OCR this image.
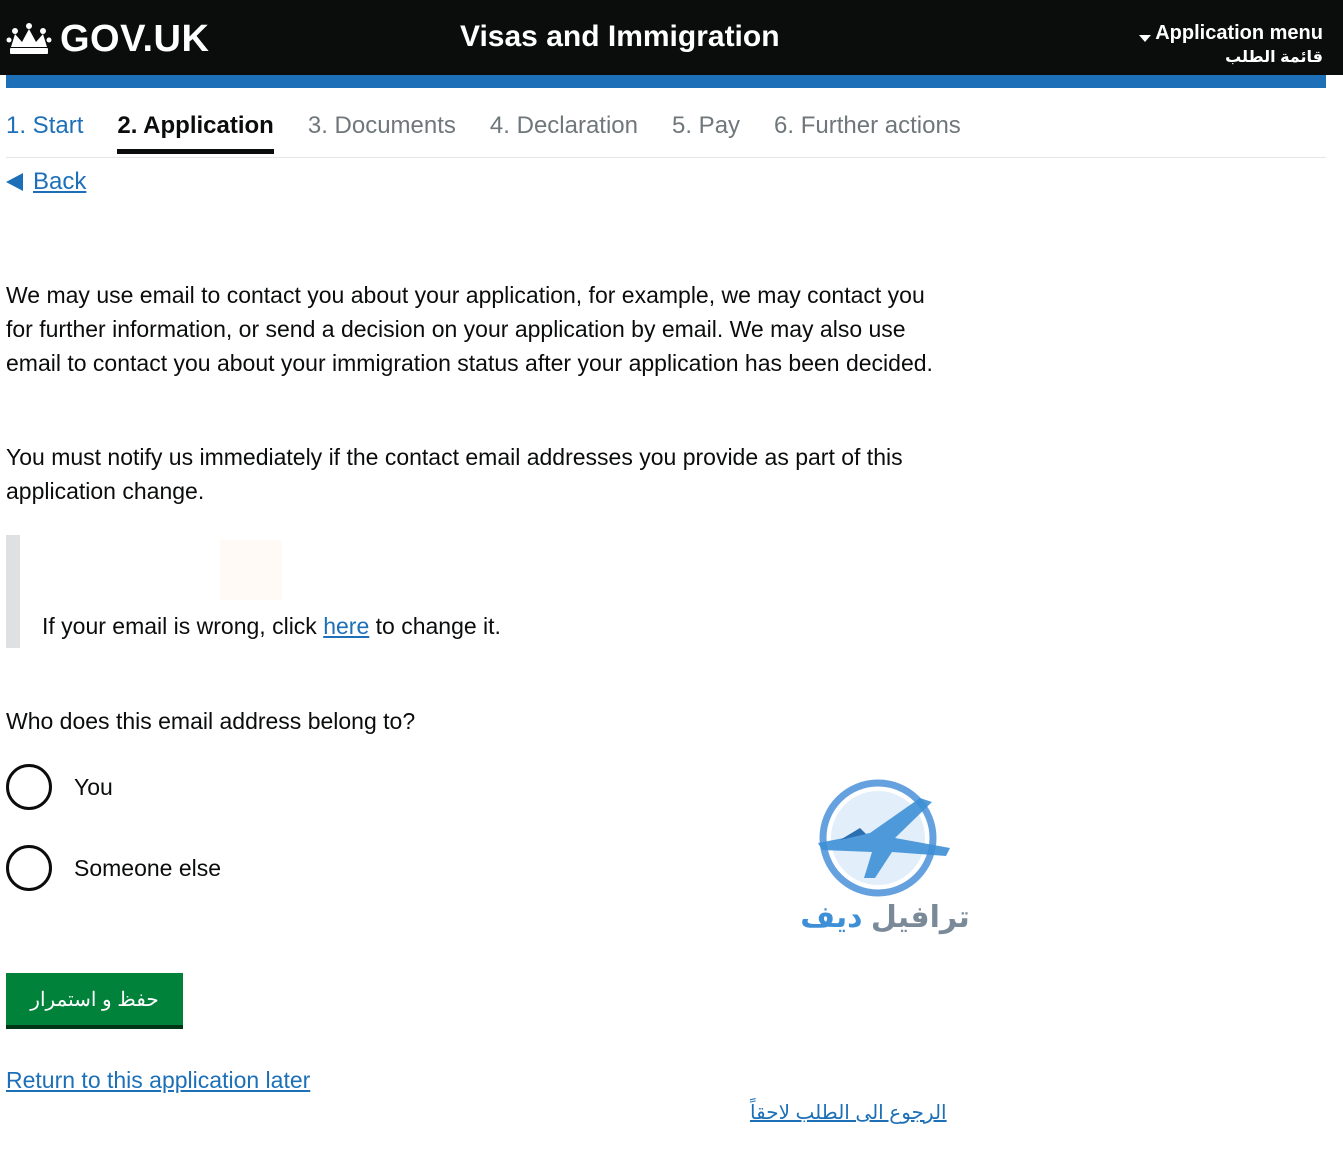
GOV.UK	Visas and Immigration	Application menu
قائمة الطلب
1. Start 2. Application 3. Documents 4. Declaration 5. Pay 6. Further actions
Back
We may use email to contact you about your application, for example, we may contact you for further information, or send a decision on your application by email. We may also use email to contact you about your immigration status after your application has been decided.
You must notify us immediately if the contact email addresses you provide as part of this application change.
If your email is wrong, click here to change it.
Who does this email address belong to?
You
Someone else
ترافيل ديف
حفظ و استمرار
Return to this application later
الرجوع الى الطلب لاحقاً
